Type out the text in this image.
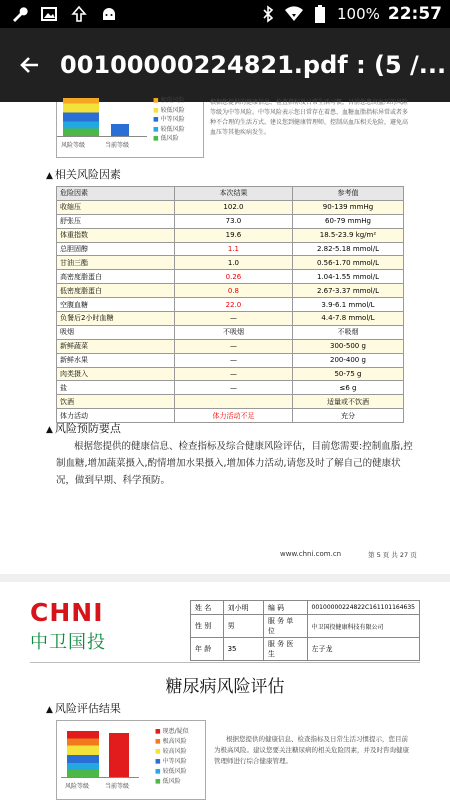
100% 22:57
00100000224821.pdf : (5 /...
风险等级	当前等级
■ 极低风险
■ 较低风险
■ 中等风险
■ 较低风险
■ 低风险
根据您提供的健康信息、检查指标及日常生活习惯，目前您患高血压的风险等级为中等风险。中等风险表示您日常存在着患、血糖血脂指标异常或者多种不合理的生活方式。建议您到健康管理师，控制高血压相关危险，避免高血压等其他疾病发生。
▲ 相关风险因素
危险因素	本次结果	参考值
收缩压	102.0	90-139 mmHg
舒张压	73.0	60-79 mmHg
体重指数	19.6	18.5-23.9 kg/m²
总胆固醇	1.1	2.82-5.18 mmol/L
甘油三酯	1.0	0.56-1.70 mmol/L
高密度脂蛋白	0.26	1.04-1.55 mmol/L
低密度脂蛋白	0.8	2.67-3.37 mmol/L
空腹血糖	22.0	3.9-6.1 mmol/L
负餐后2小时血糖	—	4.4-7.8 mmol/L
吸烟	不吸烟	不吸烟
新鲜蔬菜	—	300-500 g
新鲜水果	—	200-400 g
肉类摄入	—	50-75 g
盐	—	≤6 g
饮酒		适量或不饮酒
体力活动	体力活动不足	充分
▲ 风险预防要点
根据您提供的健康信息、检查指标及综合健康风险评估，目前您需要:控制血脂,控制血糖,增加蔬菜摄入,酌情增加水果摄入,增加体力活动,请您及时了解自己的健康状况，做到早期、科学预防。
www.chni.com.cn	第 5 页 共 27 页
CHNI
中卫国投
姓 名	刘小明	编 码	00100000224822C161101164635
性 别	男	服 务 单 位	中卫国投健康科技有限公司
年 龄	35	服 务 医 生	左子龙
糖尿病风险评估
▲ 风险评估结果
风险等级	当前等级
■ 现患/疑似
■ 极高风险
■ 较高风险
■ 中等风险
■ 较低风险
■ 低风险
根据您提供的健康信息、检查指标及日常生活习惯提示，您目前为极高风险。建议您要关注糖尿病的相关危险因素，并及时咨询健康管理师进行综合健康管理。
